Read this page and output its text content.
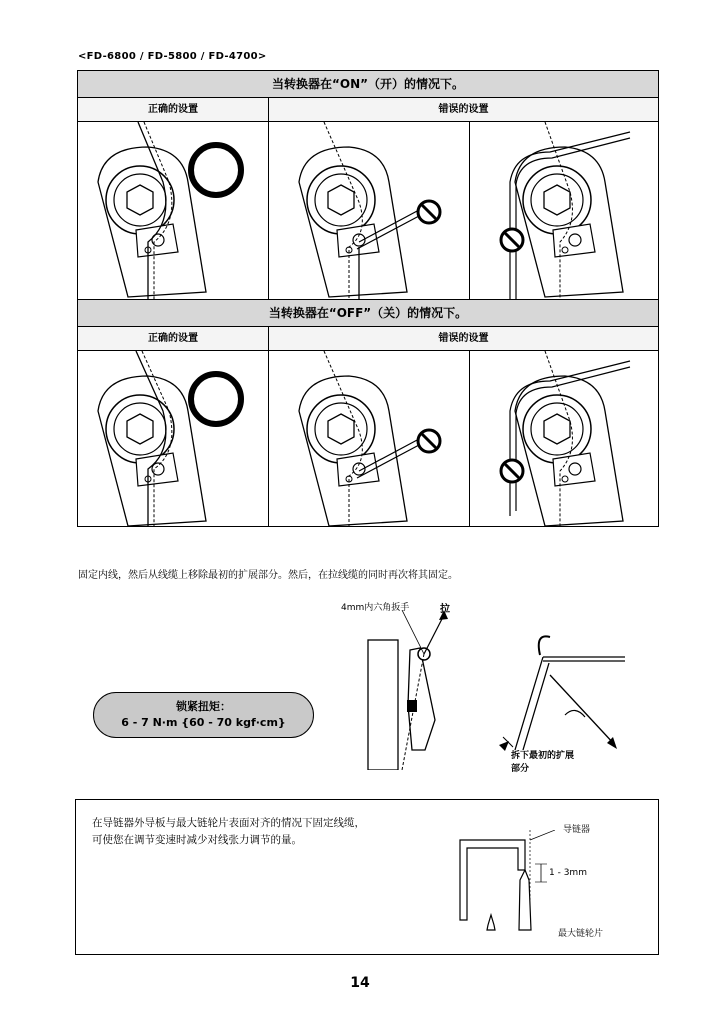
<FD-6800 / FD-5800 / FD-4700>
当转换器在“ON”（开）的情况下。
正确的设置	错误的设置
当转换器在“OFF”（关）的情况下。
正确的设置	错误的设置
固定内线，然后从线缆上移除最初的扩展部分。然后，在拉线缆的同时再次将其固定。
4mm内六角扳手	拉
拆下最初的扩展
部分
锁紧扭矩：
6 - 7 N·m {60 - 70 kgf·cm}
在导链器外导板与最大链轮片表面对齐的情况下固定线缆，
可使您在调节变速时减少对线张力调节的量。
导链器
1 - 3mm
最大链轮片
14
